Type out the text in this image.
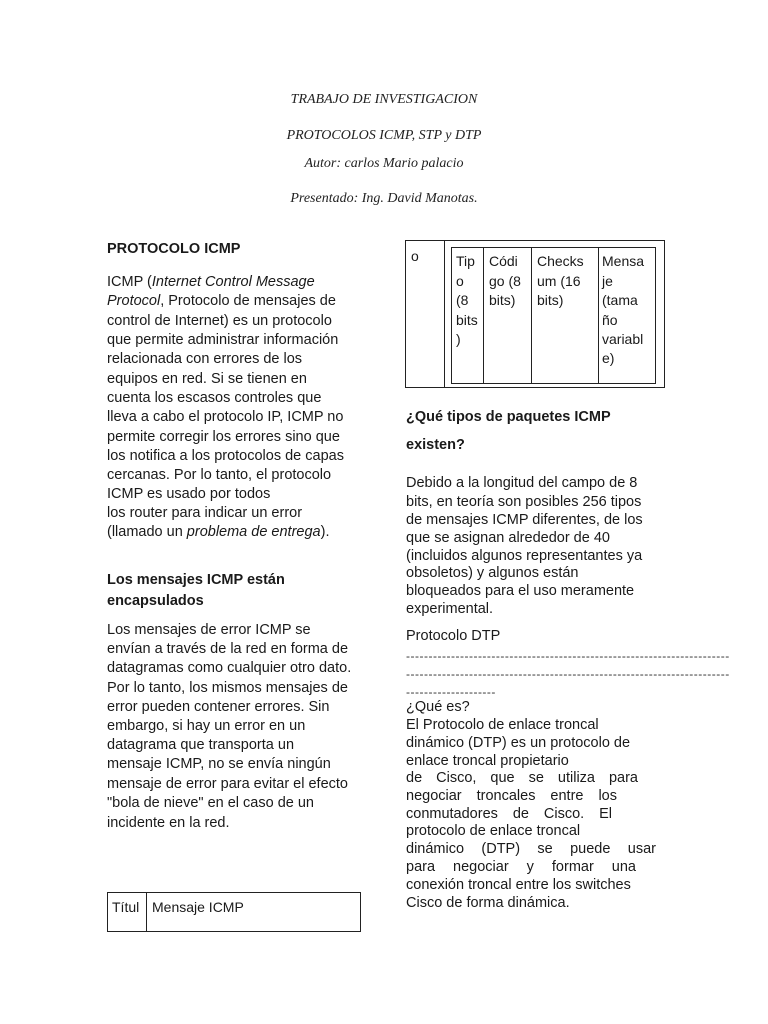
TRABAJO DE INVESTIGACION
PROTOCOLOS ICMP, STP y DTP
Autor: carlos Mario palacio
Presentado: Ing. David Manotas.
PROTOCOLO ICMP
ICMP (Internet Control Message
Protocol, Protocolo de mensajes de
control de Internet) es un protocolo
que permite administrar información
relacionada con errores de los
equipos en red. Si se tienen en
cuenta los escasos controles que
lleva a cabo el protocolo IP, ICMP no
permite corregir los errores sino que
los notifica a los protocolos de capas
cercanas. Por lo tanto, el protocolo
ICMP es usado por todos
los router para indicar un error
(llamado un problema de entrega).
Los mensajes ICMP están
encapsulados
Los mensajes de error ICMP se
envían a través de la red en forma de
datagramas como cualquier otro dato.
Por lo tanto, los mismos mensajes de
error pueden contener errores. Sin
embargo, si hay un error en un
datagrama que transporta un
mensaje ICMP, no se envía ningún
mensaje de error para evitar el efecto
"bola de nieve" en el caso de un
incidente en la red.
Títul Mensaje ICMP
o	Tip
o
(8
bits
)
Códi
go (8
bits)
Checks
um (16
bits)
Mensa
je
(tama
ño
variabl
e)
¿Qué tipos de paquetes ICMP
existen?
Debido a la longitud del campo de 8
bits, en teoría son posibles 256 tipos
de mensajes ICMP diferentes, de los
que se asignan alrededor de 40
(incluidos algunos representantes ya
obsoletos) y algunos están
bloqueados para el uso meramente
experimental.
Protocolo DTP
------------------------------------------------------------------------
------------------------------------------------------------------------
--------------------
¿Qué es?
El Protocolo de enlace troncal
dinámico (DTP) es un protocolo de
enlace troncal propietario
de Cisco, que se utiliza para
negociar troncales entre los
conmutadores de Cisco. El
protocolo de enlace troncal
dinámico (DTP) se puede usar
para negociar y formar una
conexión troncal entre los switches
Cisco de forma dinámica.
